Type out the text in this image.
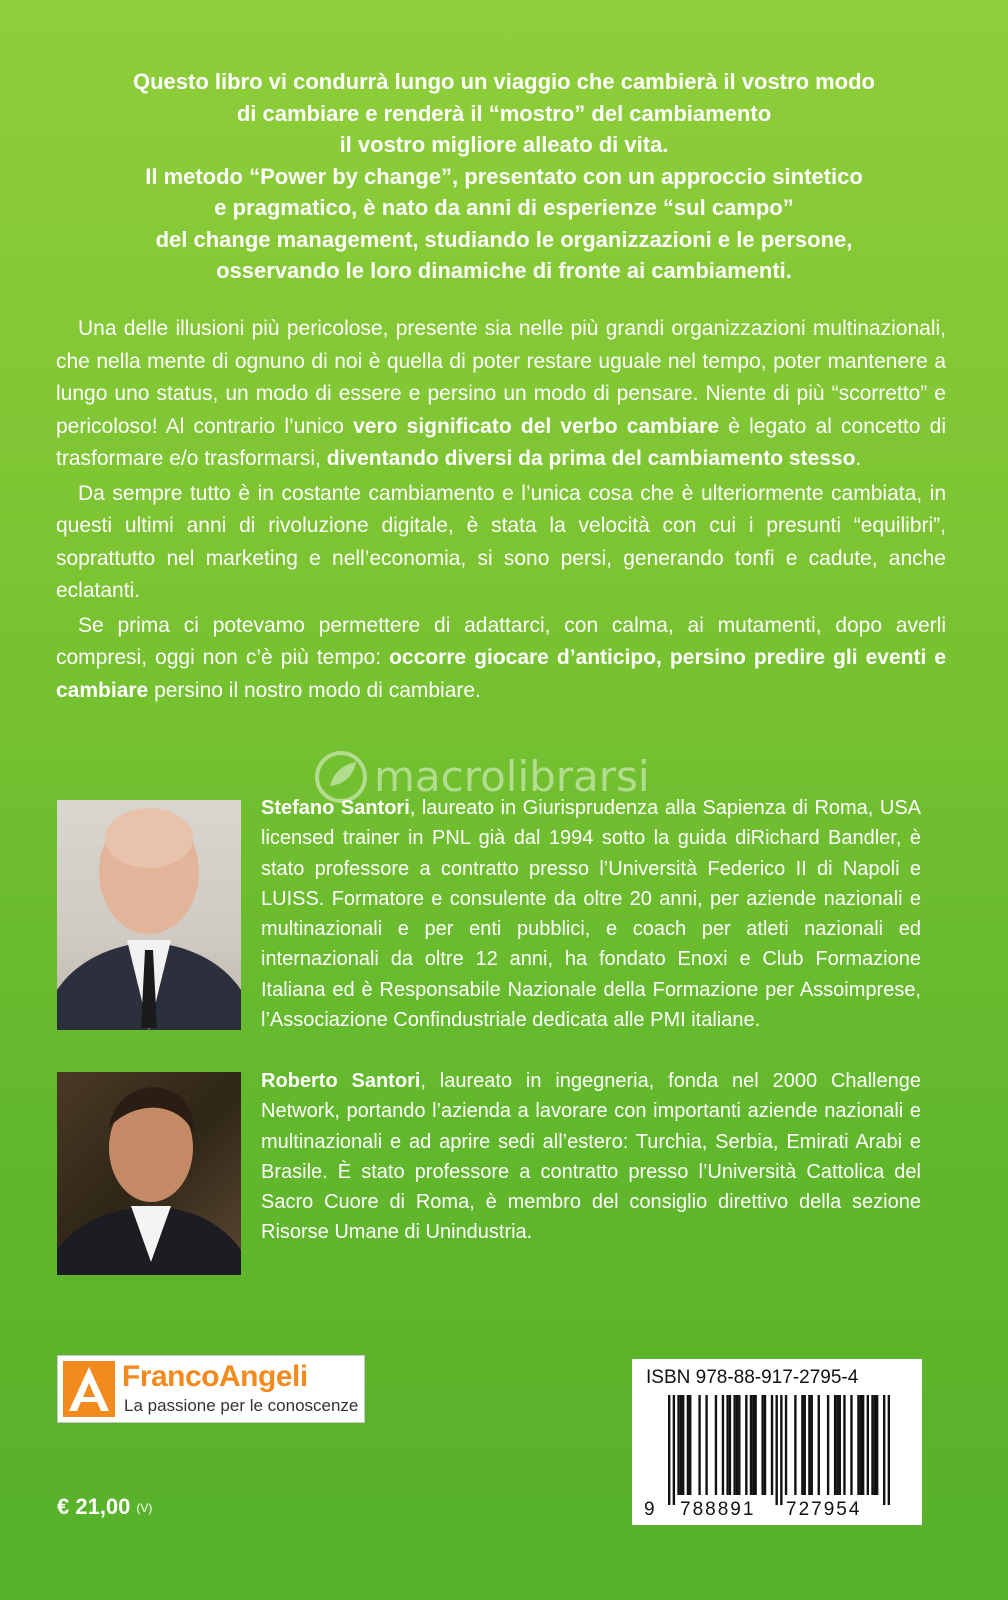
Questo libro vi condurrà lungo un viaggio che cambierà il vostro modo
di cambiare e renderà il “mostro” del cambiamento
il vostro migliore alleato di vita.
Il metodo “Power by change”, presentato con un approccio sintetico
e pragmatico, è nato da anni di esperienze “sul campo”
del change management, studiando le organizzazioni e le persone,
osservando le loro dinamiche di fronte ai cambiamenti.

Una delle illusioni più pericolose, presente sia nelle più grandi organizzazioni multinazionali, che nella mente di ognuno di noi è quella di poter restare uguale nel tempo, poter mantenere a lungo uno status, un modo di essere e persino un modo di pensare. Niente di più “scorretto” e pericoloso! Al contrario l’unico vero significato del verbo cambiare è legato al concetto di trasformare e/o trasformarsi, diventando diversi da prima del cambiamento stesso.

Da sempre tutto è in costante cambiamento e l’unica cosa che è ulteriormente cambiata, in questi ultimi anni di rivoluzione digitale, è stata la velocità con cui i presunti “equilibri”, soprattutto nel marketing e nell’economia, si sono persi, generando tonfi e cadute, anche eclatanti.

Se prima ci potevamo permettere di adattarci, con calma, ai mutamenti, dopo averli compresi, oggi non c’è più tempo: occorre giocare d’anticipo, persino predire gli eventi e cambiare persino il nostro modo di cambiare.

macrolibrarsi
Stefano Santori, laureato in Giurisprudenza alla Sapienza di Roma, USA licensed trainer in PNL già dal 1994 sotto la guida diRichard Bandler, è stato professore a contratto presso l’Università Federico II di Napoli e LUISS. Formatore e consulente da oltre 20 anni, per aziende nazionali e multinazionali e per enti pubblici, e coach per atleti nazionali ed internazionali da oltre 12 anni, ha fondato Enoxi e Club Formazione Italiana ed è Responsabile Nazionale della Formazione per Assoimprese, l’Associazione Confindustriale dedicata alle PMI italiane.
Roberto Santori, laureato in ingegneria, fonda nel 2000 Challenge Network, portando l’azienda a lavorare con importanti aziende nazionali e multinazionali e ad aprire sedi all’estero: Turchia, Serbia, Emirati Arabi e Brasile. È stato professore a contratto presso l’Università Cattolica del Sacro Cuore di Roma, è membro del consiglio direttivo della sezione Risorse Umane di Unindustria.
FrancoAngeli
La passione per le conoscenze
€ 21,00 (V)
ISBN 978-88-917-2795-4
9 788891 727954
